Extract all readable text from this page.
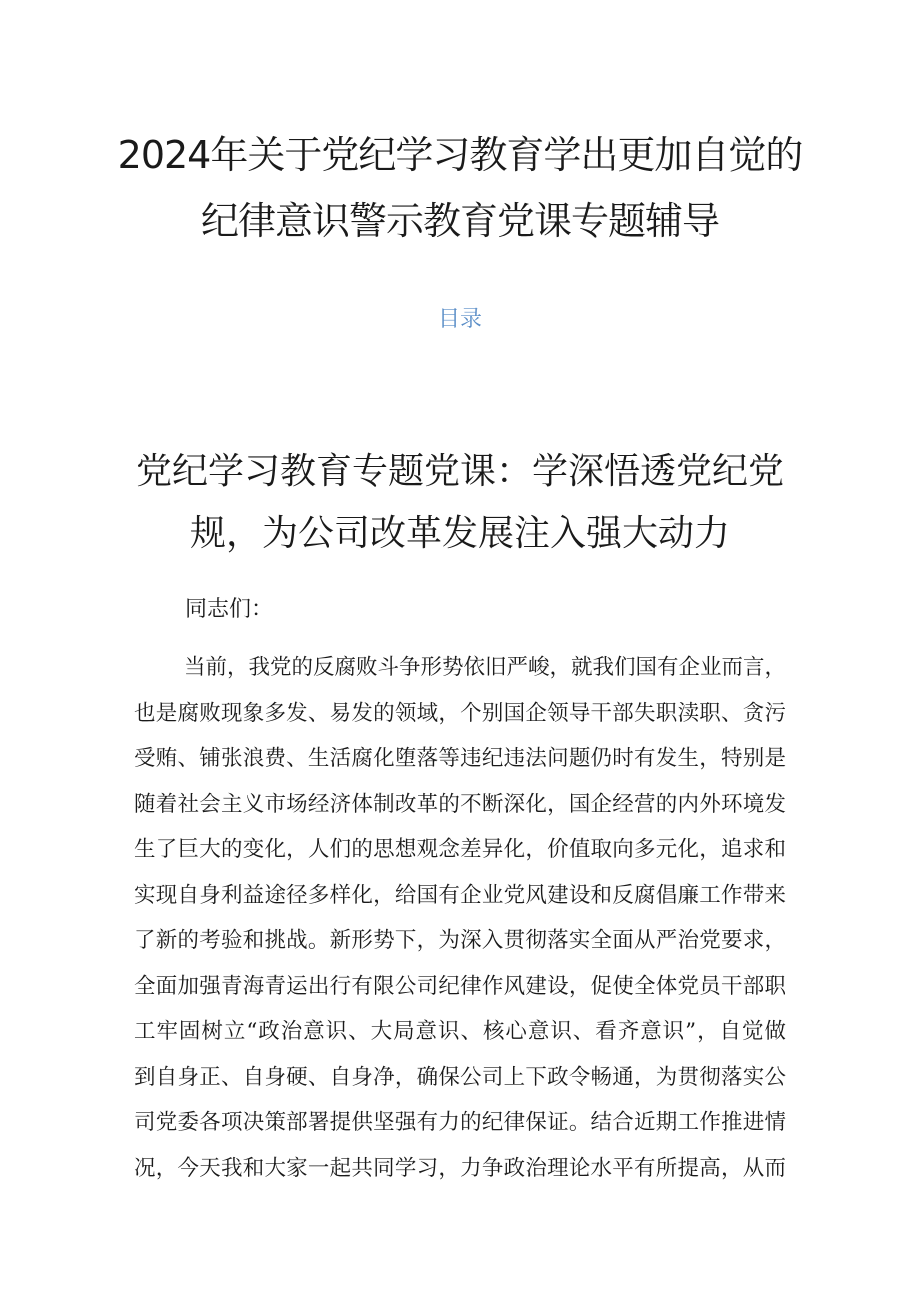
2024年关于党纪学习教育学出更加自觉的
纪律意识警示教育党课专题辅导
目录
党纪学习教育专题党课：学深悟透党纪党
规，为公司改革发展注入强大动力
同志们：
当前，我党的反腐败斗争形势依旧严峻，就我们国有企业而言，
也是腐败现象多发、易发的领域，个别国企领导干部失职渎职、贪污
受贿、铺张浪费、生活腐化堕落等违纪违法问题仍时有发生，特别是
随着社会主义市场经济体制改革的不断深化，国企经营的内外环境发
生了巨大的变化，人们的思想观念差异化，价值取向多元化，追求和
实现自身利益途径多样化，给国有企业党风建设和反腐倡廉工作带来
了新的考验和挑战。新形势下，为深入贯彻落实全面从严治党要求，
全面加强青海青运出行有限公司纪律作风建设，促使全体党员干部职
工牢固树立“政治意识、大局意识、核心意识、看齐意识”，自觉做
到自身正、自身硬、自身净，确保公司上下政令畅通，为贯彻落实公
司党委各项决策部署提供坚强有力的纪律保证。结合近期工作推进情
况，今天我和大家一起共同学习，力争政治理论水平有所提高，从而
